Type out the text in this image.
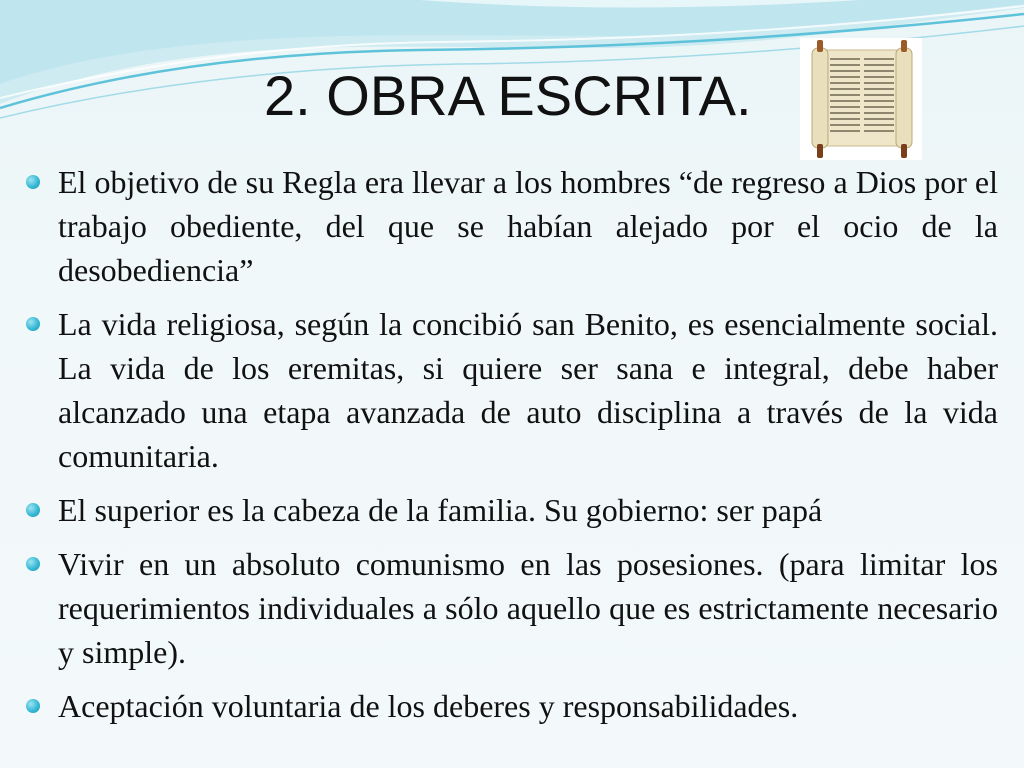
2. OBRA ESCRITA.
El objetivo de su Regla era llevar a los hombres “de regreso a Dios por el trabajo obediente, del que se habían alejado por el ocio de la desobediencia”
La vida religiosa, según la concibió san Benito, es esencialmente social. La vida de los eremitas, si quiere ser sana e integral, debe haber alcanzado una etapa avanzada de auto disciplina a través de la vida comunitaria.
El superior es la cabeza de la familia. Su gobierno: ser papá
Vivir en un absoluto comunismo en las posesiones. (para limitar los requerimientos individuales a sólo aquello que es estrictamente necesario y simple).
Aceptación voluntaria de los deberes y responsabilidades.
